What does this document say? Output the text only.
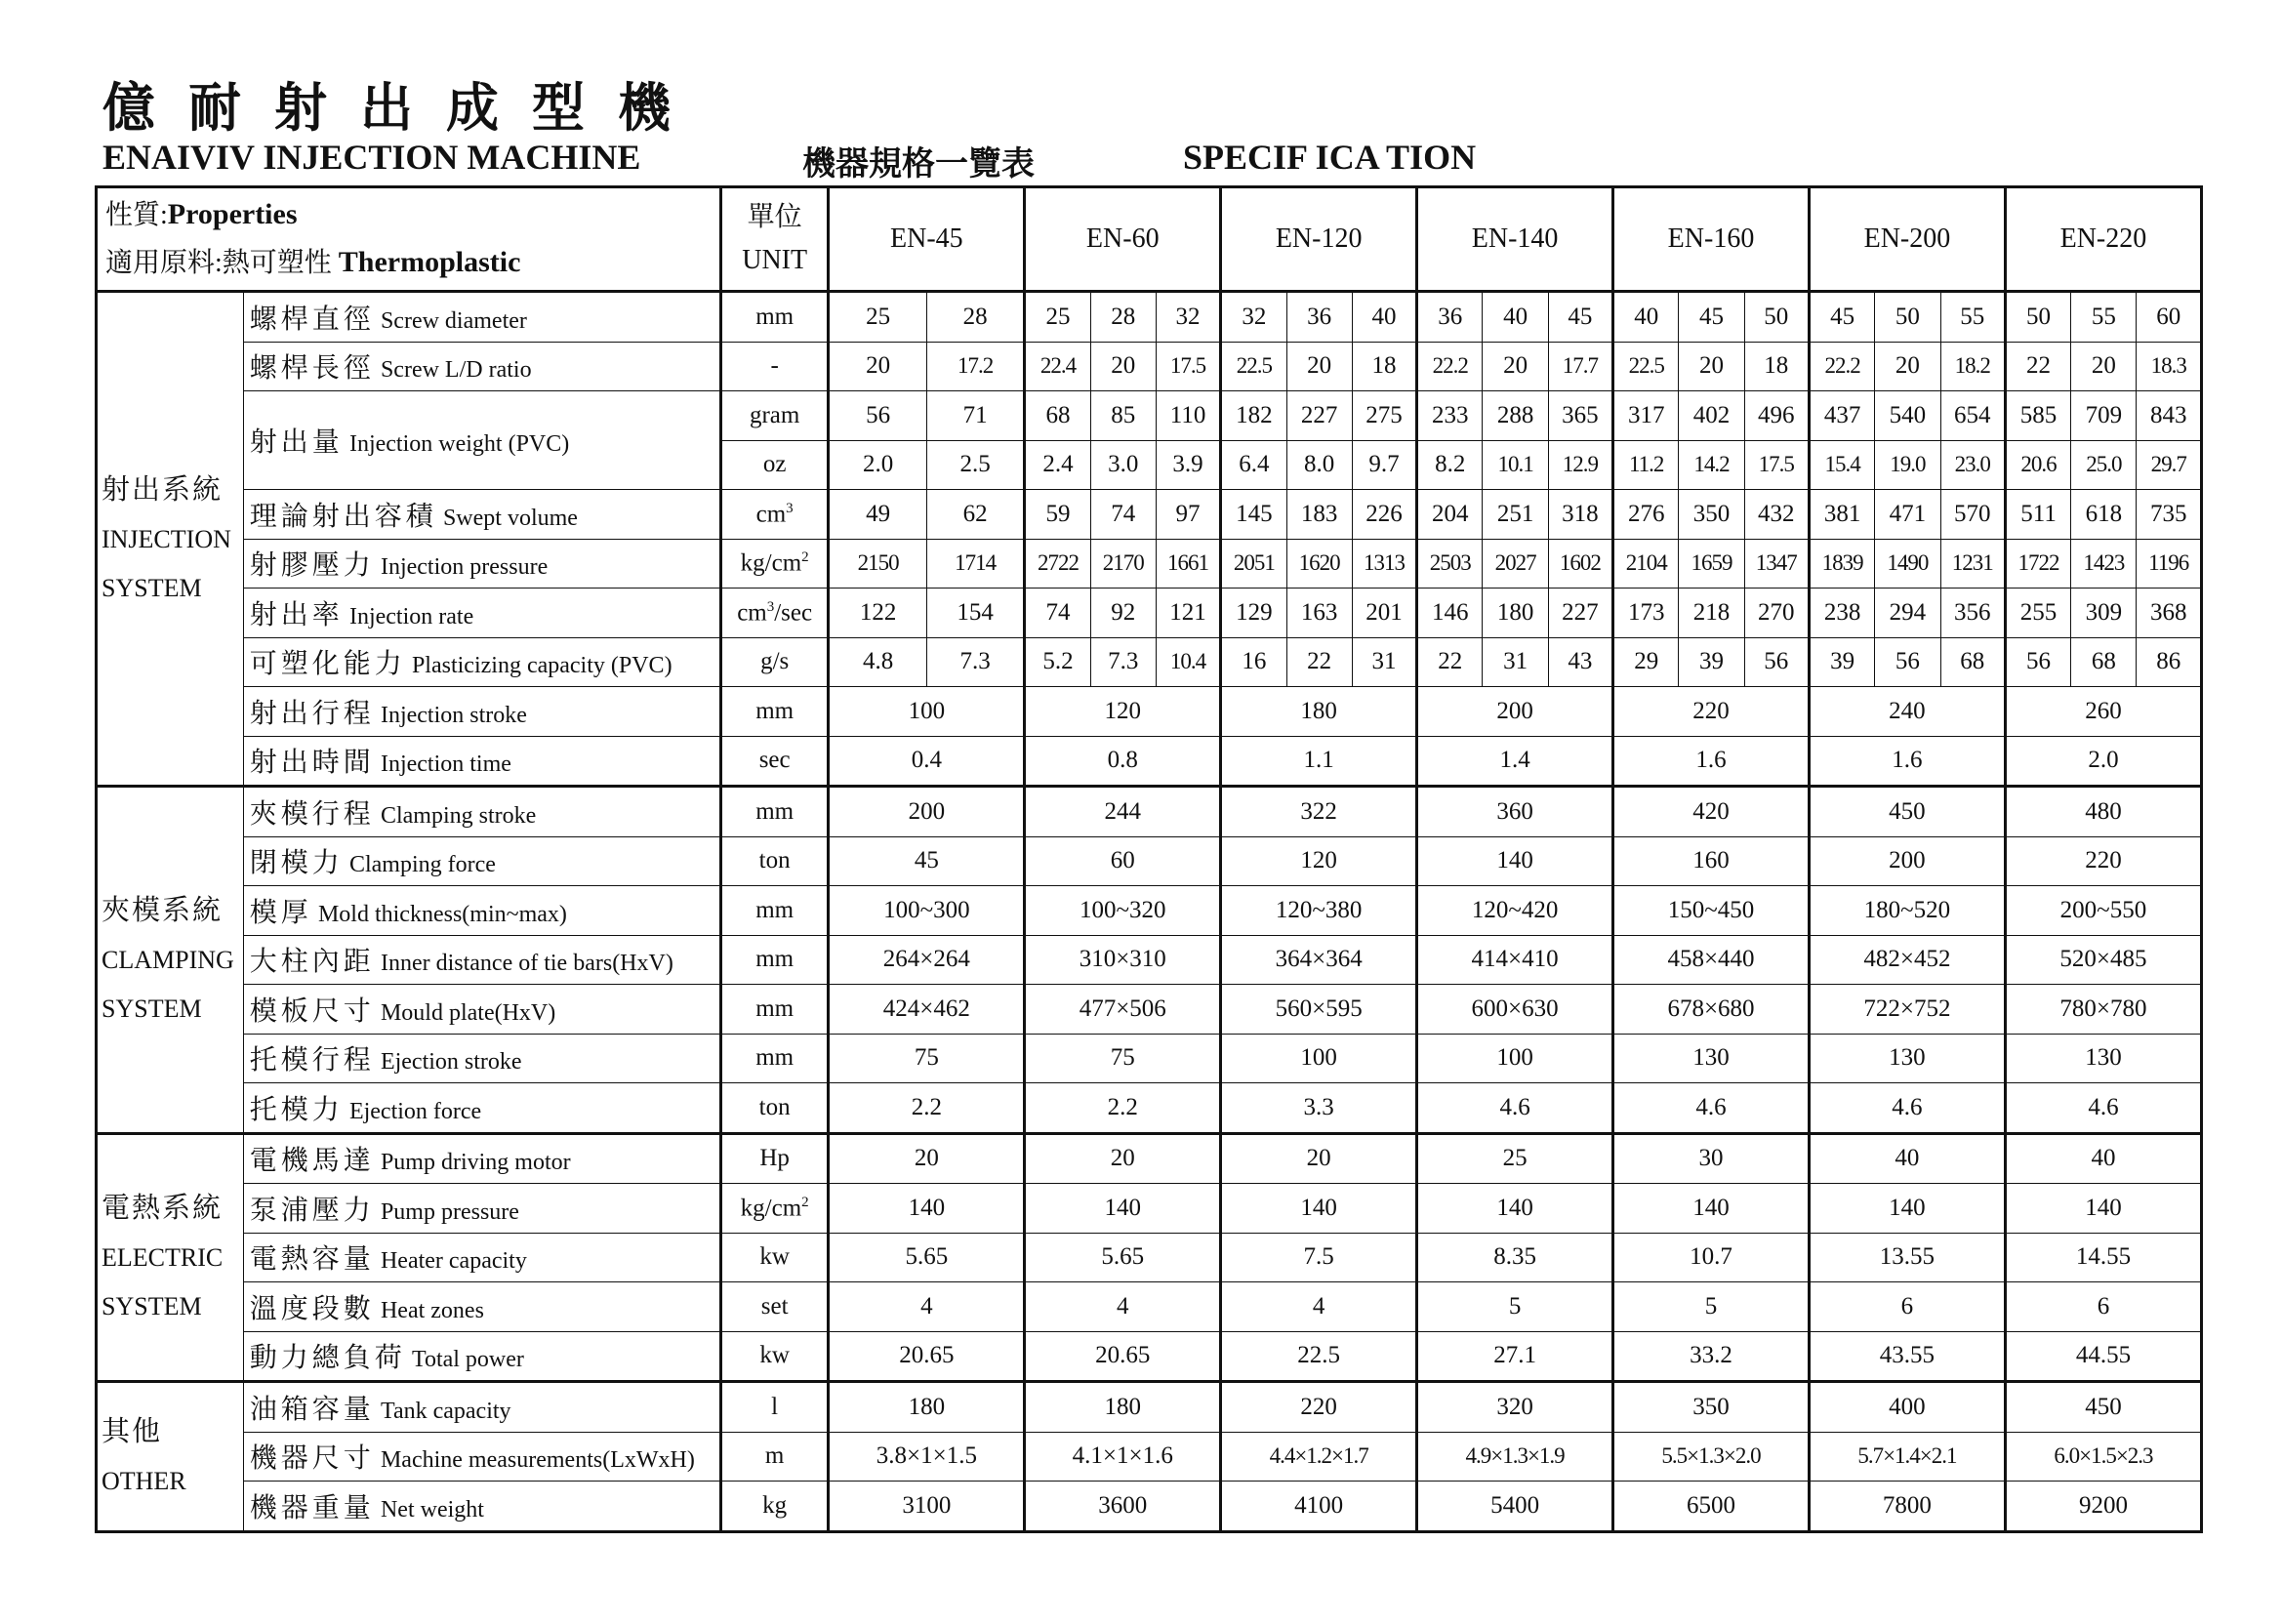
億耐射出成型機
ENAIVIV INJECTION MACHINE	機器規格一覽表	SPECIF ICA TION
性質:Properties
適用原料:熱可塑性 Thermoplastic		單位
UNIT	EN-45		EN-60			EN-120			EN-140			EN-160			EN-200			EN-220		
射出系統
INJECTION
SYSTEM	螺桿直徑 Screw diameter	mm	25	28	25	28	32	32	36	40	36	40	45	40	45	50	45	50	55	50	55	60
	螺桿長徑 Screw L/D ratio	-	20	17.2	22.4	20	17.5	22.5	20	18	22.2	20	17.7	22.5	20	18	22.2	20	18.2	22	20	18.3
	射出量 Injection weight (PVC)	gram	56	71	68	85	110	182	227	275	233	288	365	317	402	496	437	540	654	585	709	843
		oz	2.0	2.5	2.4	3.0	3.9	6.4	8.0	9.7	8.2	10.1	12.9	11.2	14.2	17.5	15.4	19.0	23.0	20.6	25.0	29.7
	理論射出容積 Swept volume	$cm^3$	49	62	59	74	97	145	183	226	204	251	318	276	350	432	381	471	570	511	618	735
	射膠壓力 Injection pressure	$kg/cm^2$	2150	1714	2722	2170	1661	2051	1620	1313	2503	2027	1602	2104	1659	1347	1839	1490	1231	1722	1423	1196
	射出率 Injection rate	$cm^3/\sec$	122	154	74	92	121	129	163	201	146	180	227	173	218	270	238	294	356	255	309	368
	可塑化能力 Plasticizing capacity (PVC)	g/s	4.8	7.3	5.2	7.3	10.4	16	22	31	22	31	43	29	39	56	39	56	68	56	68	86
	射出行程 Injection stroke	mm	100		120			180			200			220			240			260		
	射出時間 Injection time	sec	0.4		0.8			1.1			1.4			1.6			1.6			2.0		
夾模系統
CLAMPING
SYSTEM	夾模行程 Clamping stroke	mm	200		244			322			360			420			450			480		
	閉模力 Clamping force	ton	45		60			120			140			160			200			220		
	模厚 Mold thickness(min~max)	mm	100~300		100~320			120~380			120~420			150~450			180~520			200~550		
	大柱內距 Inner distance of tie bars(HxV)	mm	264×264		310×310			364×364			414×410			458×440			482×452			520×485		
	模板尺寸 Mould plate(HxV)	mm	424×462		477×506			560×595			600×630			678×680			722×752			780×780		
	托模行程 Ejection stroke	mm	75		75			100			100			130			130			130		
	托模力 Ejection force	ton	2.2		2.2			3.3			4.6			4.6			4.6			4.6		
電熱系統
ELECTRIC
SYSTEM	電機馬達 Pump driving motor	Hp	20		20			20			25			30			40			40		
	泵浦壓力 Pump pressure	$kg/cm^2$	140		140			140			140			140			140			140		
	電熱容量 Heater capacity	kw	5.65		5.65			7.5			8.35			10.7			13.55			14.55		
	溫度段數 Heat zones	set	4		4			4			5			5			6			6		
	動力總負荷 Total power	kw	20.65		20.65			22.5			27.1			33.2			43.55			44.55		
其他
OTHER	油箱容量 Tank capacity	l	180		180			220			320			350			400			450		
	機器尺寸 Machine measurements(LxWxH)	m	3.8×1×1.5		4.1×1×1.6			4.4×1.2×1.7			4.9×1.3×1.9			5.5×1.3×2.0			5.7×1.4×2.1			6.0×1.5×2.3		
	機器重量 Net weight	kg	3100		3600			4100			5400			6500			7800			9200		
